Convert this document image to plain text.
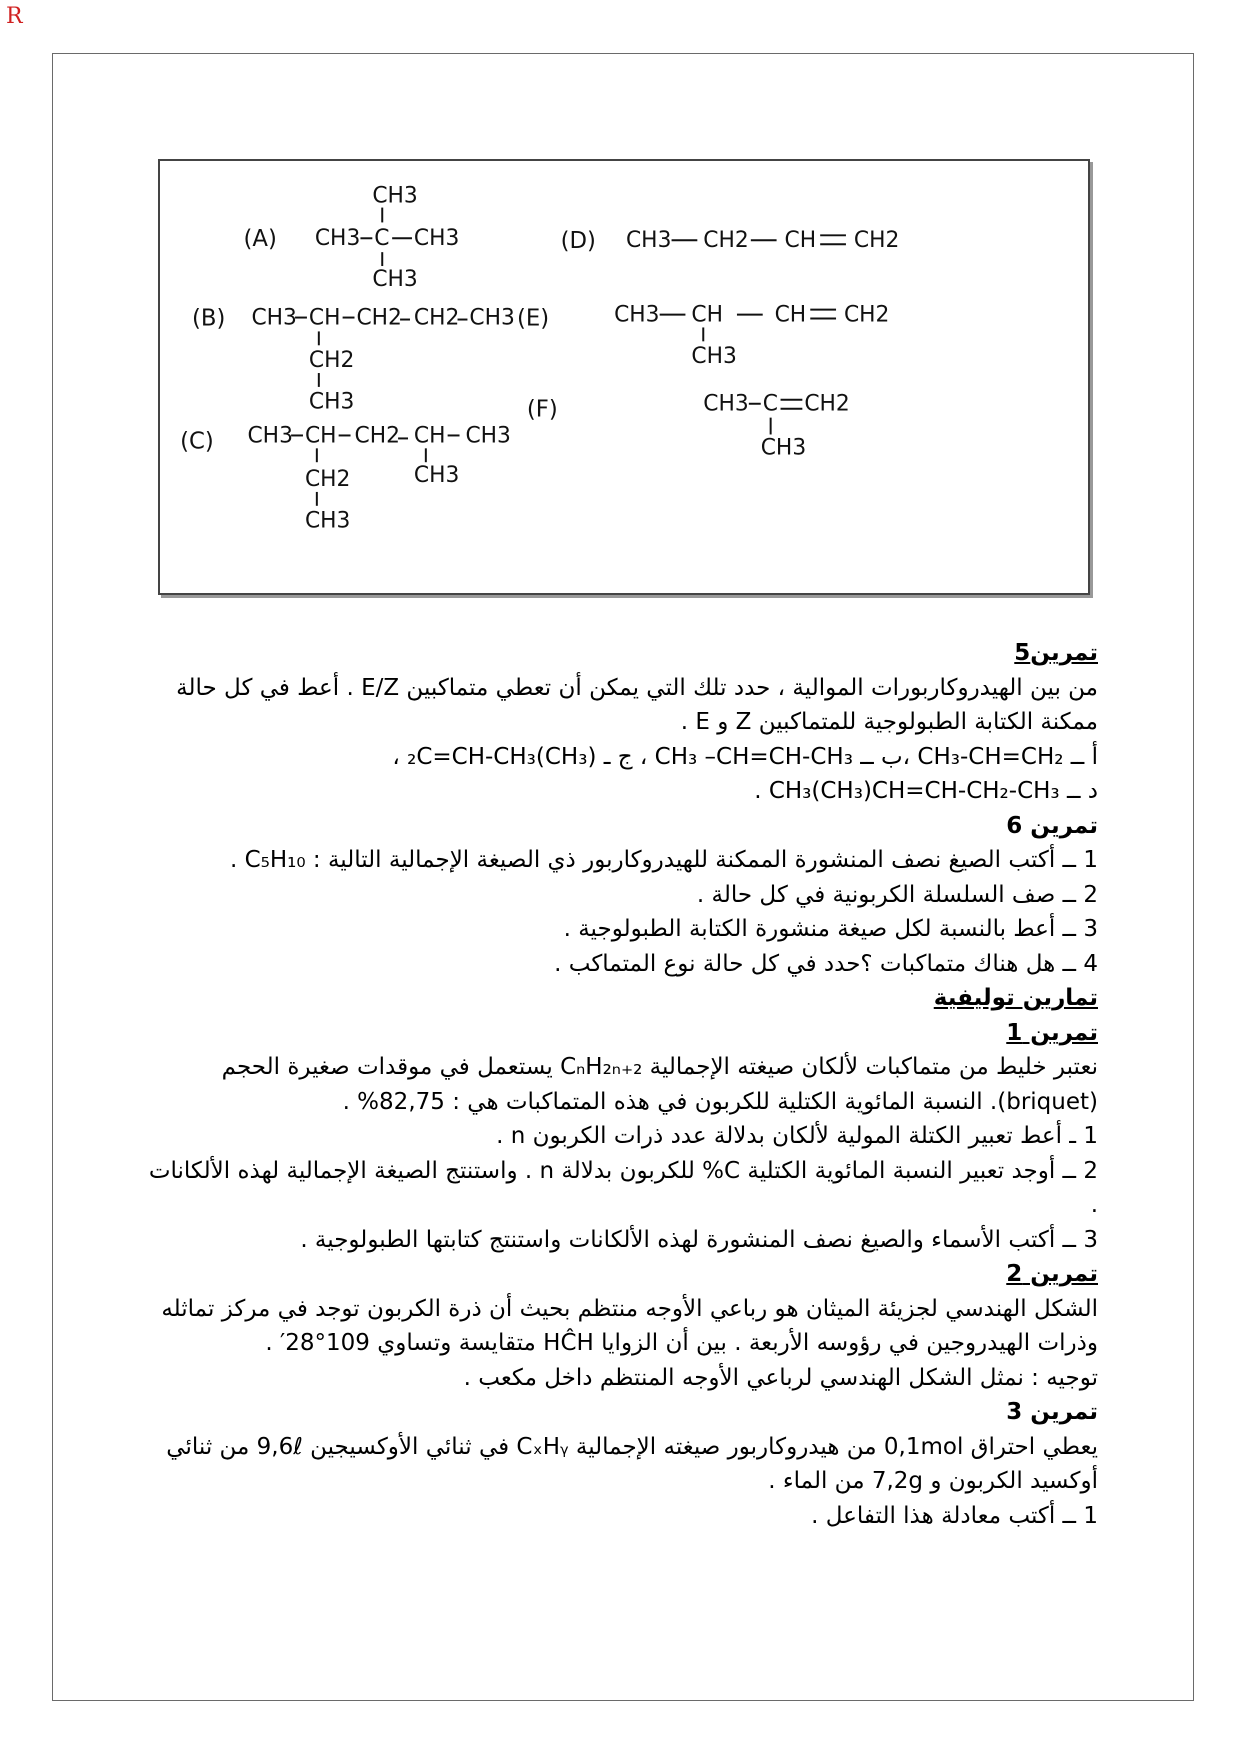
R
(A)
CH3
CH3 C CH3
CH3
(D) CH3 CH2 CH CH2
(B) CH3 CH CH2 CH2 CH3
CH2
CH3
(E)	CH3 CH CH CH2
CH3
(F)	CH3 C CH2
CH3
(C) CH3 CH CH2 CH CH3
CH2
CH3
CH3

تمرين5

من بين الهيدروكاربورات الموالية ، حدد تلك التي يمكن أن تعطي متماكبين E/Z . أعط في كل حالة ممكنة الكتابة الطبولوجية للمتماكبين Z و E .

أ ــ CH₃-CH=CH₂ ،ب ــ CH₃ –CH=CH-CH₃ ، ج ـ (CH₃)₂C=CH-CH₃ ،

د ــ CH₃(CH₃)CH=CH-CH₂-CH₃ .

تمرين 6

1 ــ أكتب الصيغ نصف المنشورة الممكنة للهيدروكاربور ذي الصيغة الإجمالية التالية : C₅H₁₀ .

2 ــ صف السلسلة الكربونية في كل حالة .

3 ــ أعط بالنسبة لكل صيغة منشورة الكتابة الطبولوجية .

4 ــ هل هناك متماكبات ؟حدد في كل حالة نوع المتماكب .

تمارين توليفية

تمرين 1

نعتبر خليط من متماكبات لألكان صيغته الإجمالية CₙH₂ₙ₊₂ يستعمل في موقدات صغيرة الحجم (briquet). النسبة المائوية الكتلية للكربون في هذه المتماكبات هي : 82,75% .

1 ـ أعط تعبير الكتلة المولية لألكان بدلالة عدد ذرات الكربون n .

2 ــ أوجد تعبير النسبة المائوية الكتلية C% للكربون بدلالة n . واستنتج الصيغة الإجمالية لهذه الألكانات .

3 ــ أكتب الأسماء والصيغ نصف المنشورة لهذه الألكانات واستنتج كتابتها الطبولوجية .

تمرين 2

الشكل الهندسي لجزيئة الميثان هو رباعي الأوجه منتظم بحيث أن ذرة الكربون توجد في مركز تماثله وذرات الهيدروجين في رؤوسه الأربعة . بين أن الزوايا HĈH متقايسة وتساوي 109°28′ .

توجيه : نمثل الشكل الهندسي لرباعي الأوجه المنتظم داخل مكعب .

تمرين 3

يعطي احتراق 0,1mol من هيدروكاربور صيغته الإجمالية CₓHᵧ في ثنائي الأوكسيجين 9,6ℓ من ثنائي أوكسيد الكربون و 7,2g من الماء .

1 ــ أكتب معادلة هذا التفاعل .
